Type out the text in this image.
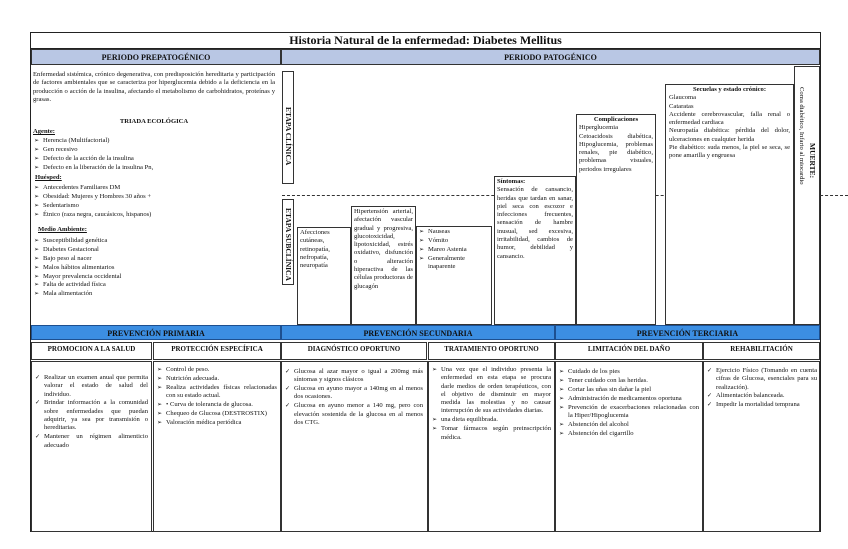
Historia Natural de la enfermedad: Diabetes Mellitus
PERIODO PREPATOGÉNICO	PERIODO PATOGÉNICO
Enfermedad sistémica, crónico degenerativa, con predisposición hereditaria y participación de factores ambientales que se caracteriza por hiperglucemia debido a la deficiencia en la producción o acción de la insulina, afectando el metabolismo de carbohidratos, proteínas y grasas.
TRIADA ECOLÓGICA
Agente:
➢ Herencia (Multifactorial)
➢ Gen recesivo
➢ Defecto de la acción de la insulina
➢ Defecto en la liberación de la insulina Pn,
Huésped:
➢ Antecedentes Familiares DM
➢ Obesidad: Mujeres y Hombres 30 años +
➢ Sedentarismo
➢ Étnico (raza negra, caucásicos, hispanos)
Medio Ambiente:
➢ Susceptibilidad genética
➢ Diabetes Gestacional
➢ Bajo peso al nacer
➢ Malos hábitos alimentarios
➢ Mayor prevalencia occidental
➢ Falta de actividad física
➢ Mala alimentación
ETAPA CLÍNICA
ETAPA SUBCLÍNICA	Afecciones cutáneas, retinopatía, nefropatía, neuropatía
Hipertensión arterial, afectación vascular gradual y progresiva, glucotoxicidad, lipotoxicidad, estrés oxidativo, disfunción o alteración hiperactiva de las células productoras de glucagón
➢ Nauseas
➢ Vómito
➢ Mareo Astenia
➢ Generalmente inaparente
Síntomas:
Sensación de cansancio, heridas que tardan en sanar, piel seca con escozor e infecciones frecuentes, sensación de hambre inusual, sed excesiva, irritabilidad, cambios de humor, debilidad y cansancio.
Complicaciones
Hiperglucemia
Cetoacidosis diabética, Hipoglucemia, problemas renales, pie diabético, problemas visuales, periodos irregulares
Secuelas y estado crónico:
Glaucoma
Cataratas
Accidente cerebrovascular, falla renal o enfermedad cardiaca
Neuropatía diabética: pérdida del dolor, ulceraciones en cualquier herida
Pie diabético: suda menos, la piel se seca, se pone amarilla y engruesa	MUERTE:
Coma diabético, Infarto al miocardio
PREVENCIÓN PRIMARIA	PREVENCIÓN SECUNDARIA	PREVENCIÓN TERCIARIA
PROMOCION A LA SALUD	PROTECCIÓN ESPECÍFICA	DIAGNÓSTICO OPORTUNO	TRATAMIENTO OPORTUNO	LIMITACIÓN DEL DAÑO	REHABILITACIÓN
✓ Realizar un examen anual que permita valorar el estado de salud del individuo.
✓ Brindar información a la comunidad sobre enfermedades que puedan adquirir, ya sea por transmisión o hereditarias.
✓ Mantener un régimen alimenticio adecuado
➢ Control de peso.
➢ Nutrición adecuada.
➢ Realiza actividades físicas relacionadas con su estado actual.
➢ • Curva de tolerancia de glucosa.
➢ Chequeo de Glucosa (DESTROSTIX)
➢ Valoración médica periódica
✓ Glucosa al azar mayor o igual a 200mg más síntomas y signos clásicos
✓ Glucosa en ayuno mayor a 140mg en al menos dos ocasiones.
✓ Glucosa en ayuno menor a 140 mg, pero con elevación sostenida de la glucosa en al menos dos CTG.
➢ Una vez que el individuo presenta la enfermedad en esta etapa se procura darle medios de orden terapéuticos, con el objetivo de disminuir en mayor medida las molestias y no causar interrupción de sus actividades diarias.
➢ una dieta equilibrada.
➢ Tomar fármacos según preinscripción médica.
➢ Cuidado de los pies
➢ Tener cuidado con las heridas.
➢ Cortar las uñas sin dañar la piel
➢ Administración de medicamentos oportuna
➢ Prevención de exacerbaciones relacionadas con la Hiper/Hipoglucemia
➢ Abstención del alcohol
➢ Abstención del cigarrillo
✓ Ejercicio Físico (Tomando en cuenta cifras de Glucosa, esenciales para su realización).
✓ Alimentación balanceada.
✓ Impedir la mortalidad temprana
